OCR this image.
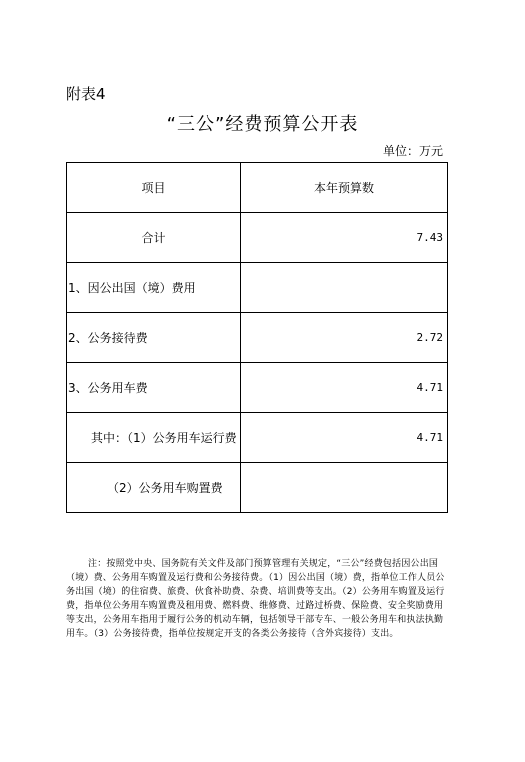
附表4
“三公”经费预算公开表
单位：万元
项目	本年预算数
合计	7.43
1、因公出国（境）费用	
2、公务接待费	2.72
3、公务用车费	4.71
其中：（1）公务用车运行费	4.71
（2）公务用车购置费	
注：按照党中央、国务院有关文件及部门预算管理有关规定，“三公”经费包括因公出国（境）费、公务用车购置及运行费和公务接待费。（1）因公出国（境）费，指单位工作人员公务出国（境）的住宿费、旅费、伙食补助费、杂费、培训费等支出。（2）公务用车购置及运行费，指单位公务用车购置费及租用费、燃料费、维修费、过路过桥费、保险费、安全奖励费用等支出，公务用车指用于履行公务的机动车辆，包括领导干部专车、一般公务用车和执法执勤用车。（3）公务接待费，指单位按规定开支的各类公务接待（含外宾接待）支出。
